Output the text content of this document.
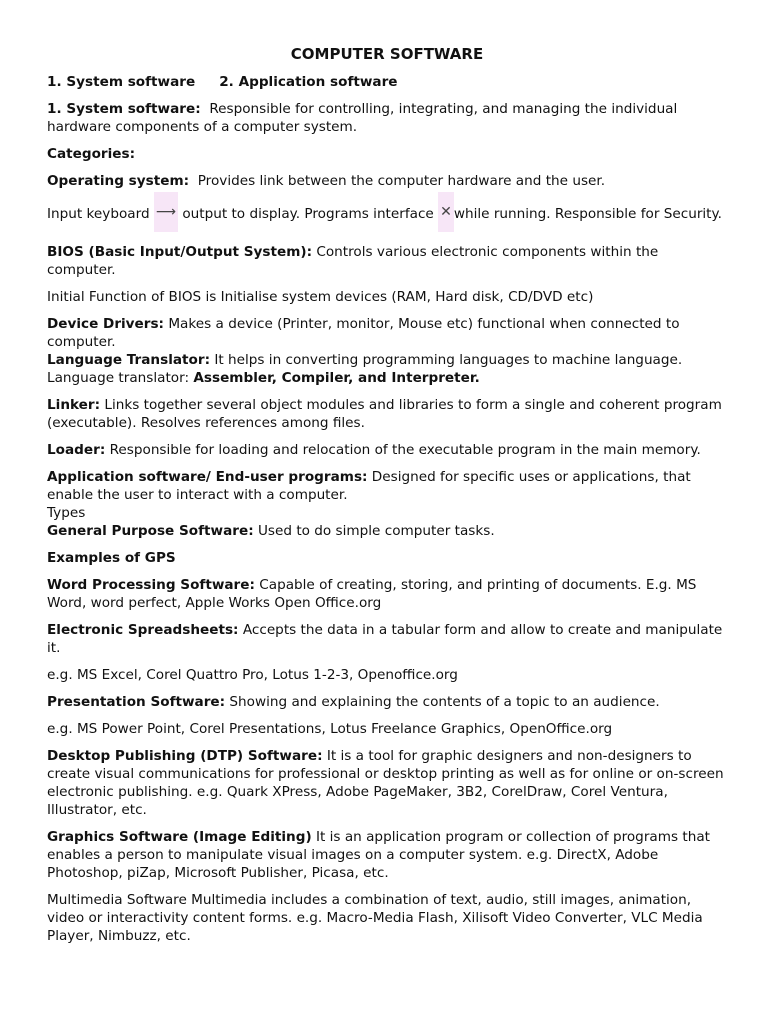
COMPUTER SOFTWARE

1. System software 2. Application software

1. System software: Responsible for controlling, integrating, and managing the individual hardware components of a computer system.

Categories:

Operating system: Provides link between the computer hardware and the user.

Input keyboard ⟶ output to display. Programs interface ✕ while running. Responsible for Security.

BIOS (Basic Input/Output System): Controls various electronic components within the computer.

Initial Function of BIOS is Initialise system devices (RAM, Hard disk, CD/DVD etc)

Device Drivers: Makes a device (Printer, monitor, Mouse etc) functional when connected to computer.

Language Translator: It helps in converting programming languages to machine language. Language translator: Assembler, Compiler, and Interpreter.

Linker: Links together several object modules and libraries to form a single and coherent program (executable). Resolves references among files.

Loader: Responsible for loading and relocation of the executable program in the main memory.

Application software/ End-user programs: Designed for specific uses or applications, that enable the user to interact with a computer.

Types

General Purpose Software: Used to do simple computer tasks.

Examples of GPS

Word Processing Software: Capable of creating, storing, and printing of documents. E.g. MS Word, word perfect, Apple Works Open Office.org

Electronic Spreadsheets: Accepts the data in a tabular form and allow to create and manipulate it.

e.g. MS Excel, Corel Quattro Pro, Lotus 1-2-3, Openoffice.org

Presentation Software: Showing and explaining the contents of a topic to an audience.

e.g. MS Power Point, Corel Presentations, Lotus Freelance Graphics, OpenOffice.org

Desktop Publishing (DTP) Software: It is a tool for graphic designers and non-designers to create visual communications for professional or desktop printing as well as for online or on-screen electronic publishing. e.g. Quark XPress, Adobe PageMaker, 3B2, CorelDraw, Corel Ventura, Illustrator, etc.

Graphics Software (Image Editing) It is an application program or collection of programs that enables a person to manipulate visual images on a computer system. e.g. DirectX, Adobe Photoshop, piZap, Microsoft Publisher, Picasa, etc.

Multimedia Software Multimedia includes a combination of text, audio, still images, animation, video or interactivity content forms. e.g. Macro-Media Flash, Xilisoft Video Converter, VLC Media Player, Nimbuzz, etc.
